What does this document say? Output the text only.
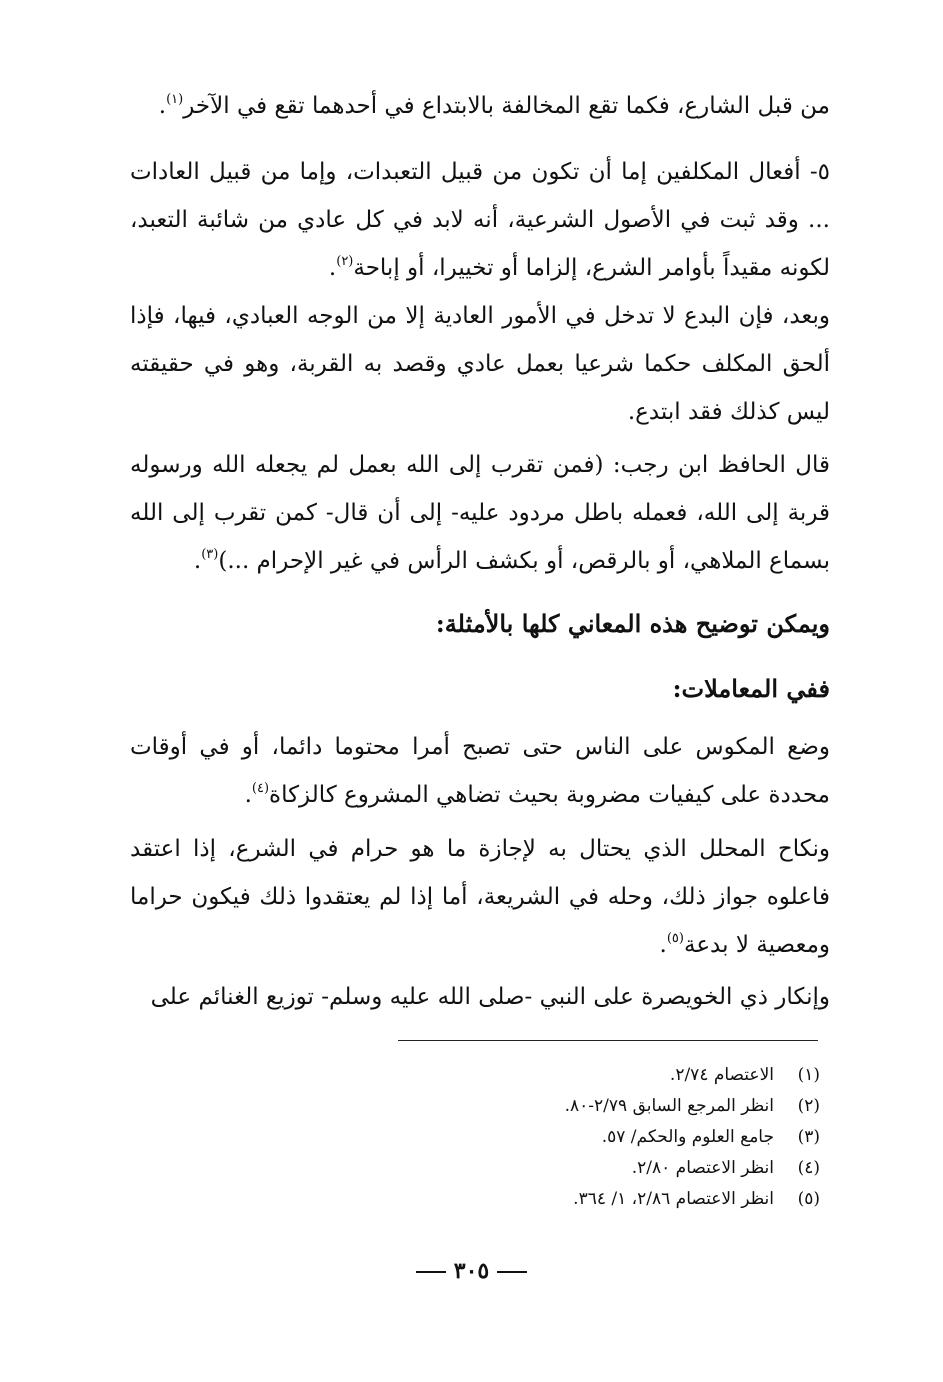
من قبل الشارع، فكما تقع المخالفة بالابتداع في أحدهما تقع في الآخر$^{(١)}$.

٥- أفعال المكلفين إما أن تكون من قبيل التعبدات، وإما من قبيل العادات ... وقد ثبت في الأصول الشرعية، أنه لابد في كل عادي من شائبة التعبد، لكونه مقيداً بأوامر الشرع، إلزاما أو تخييرا، أو إباحة$^{(٢)}$.

وبعد، فإن البدع لا تدخل في الأمور العادية إلا من الوجه العبادي، فيها، فإذا ألحق المكلف حكما شرعيا بعمل عادي وقصد به القربة، وهو في حقيقته ليس كذلك فقد ابتدع.

قال الحافظ ابن رجب: (فمن تقرب إلى الله بعمل لم يجعله الله ورسوله قربة إلى الله، فعمله باطل مردود عليه- إلى أن قال- كمن تقرب إلى الله بسماع الملاهي، أو بالرقص، أو بكشف الرأس في غير الإحرام ...)$^{(٣)}$.

ويمكن توضيح هذه المعاني كلها بالأمثلة:

ففي المعاملات:

وضع المكوس على الناس حتى تصبح أمرا محتوما دائما، أو في أوقات محددة على كيفيات مضروبة بحيث تضاهي المشروع كالزكاة$^{(٤)}$.

ونكاح المحلل الذي يحتال به لإجازة ما هو حرام في الشرع، إذا اعتقد فاعلوه جواز ذلك، وحله في الشريعة، أما إذا لم يعتقدوا ذلك فيكون حراما ومعصية لا بدعة$^{(٥)}$.

وإنكار ذي الخويصرة على النبي -صلى الله عليه وسلم- توزيع الغنائم على

(١)
الاعتصام ٢/٧٤.
(٢)
انظر المرجع السابق ٢/٧٩-٨٠.
(٣)
جامع العلوم والحكم/ ٥٧.
(٤)
انظر الاعتصام ٢/٨٠.
(٥)
انظر الاعتصام ٢/٨٦، ١/ ٣٦٤.
٣٠٥
